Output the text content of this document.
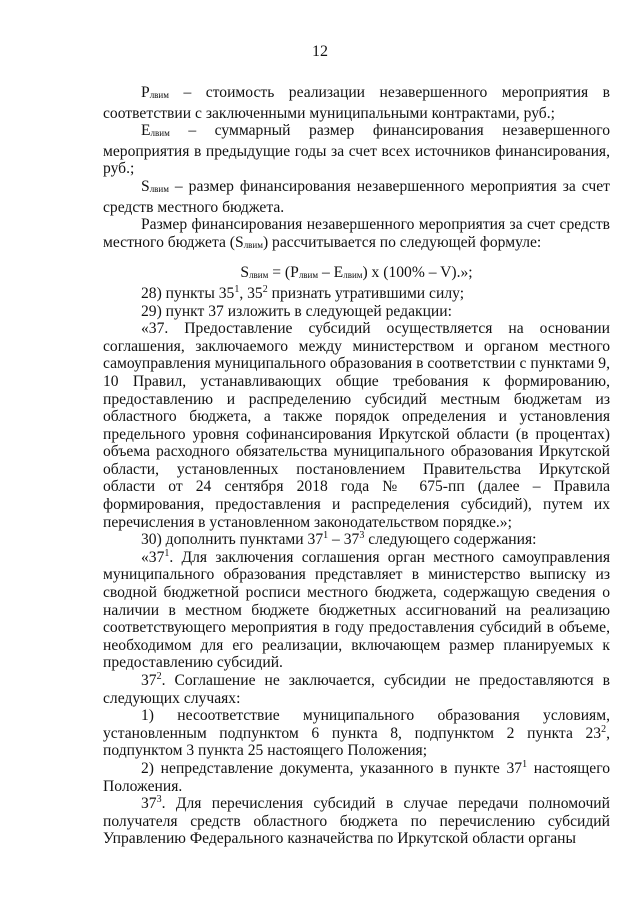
12

Pлвим – стоимость реализации незавершенного мероприятия в соответствии с заключенными муниципальными контрактами, руб.;

Eлвим – суммарный размер финансирования незавершенного мероприятия в предыдущие годы за счет всех источников финансирования, руб.;

Sлвим – размер финансирования незавершенного мероприятия за счет средств местного бюджета.

Размер финансирования незавершенного мероприятия за счет средств местного бюджета (Sлвим) рассчитывается по следующей формуле:

Sлвим = (Pлвим – Eлвим) x (100% – V).»;

28) пункты $35^1$, $35^2$ признать утратившими силу;

29) пункт 37 изложить в следующей редакции:

«37. Предоставление субсидий осуществляется на основании соглашения, заключаемого между министерством и органом местного самоуправления муниципального образования в соответствии с пунктами 9, 10 Правил, устанавливающих общие требования к формированию, предоставлению и распределению субсидий местным бюджетам из областного бюджета, а также порядок определения и установления предельного уровня софинансирования Иркутской области (в процентах) объема расходного обязательства муниципального образования Иркутской области, установленных постановлением Правительства Иркутской области от 24 сентября 2018 года № 675-пп (далее – Правила формирования, предоставления и распределения субсидий), путем их перечисления в установленном законодательством порядке.»;

30) дополнить пунктами $37^1 - 37^3$ следующего содержания:

«$37^1$. Для заключения соглашения орган местного самоуправления муниципального образования представляет в министерство выписку из сводной бюджетной росписи местного бюджета, содержащую сведения о наличии в местном бюджете бюджетных ассигнований на реализацию соответствующего мероприятия в году предоставления субсидий в объеме, необходимом для его реализации, включающем размер планируемых к предоставлению субсидий.

$37^2$. Соглашение не заключается, субсидии не предоставляются в следующих случаях:

1) несоответствие муниципального образования условиям, установленным подпунктом 6 пункта 8, подпунктом 2 пункта $23^2$, подпунктом 3 пункта 25 настоящего Положения;

2) непредставление документа, указанного в пункте $37^1$ настоящего Положения.

$37^3$. Для перечисления субсидий в случае передачи полномочий получателя средств областного бюджета по перечислению субсидий Управлению Федерального казначейства по Иркутской области органы
